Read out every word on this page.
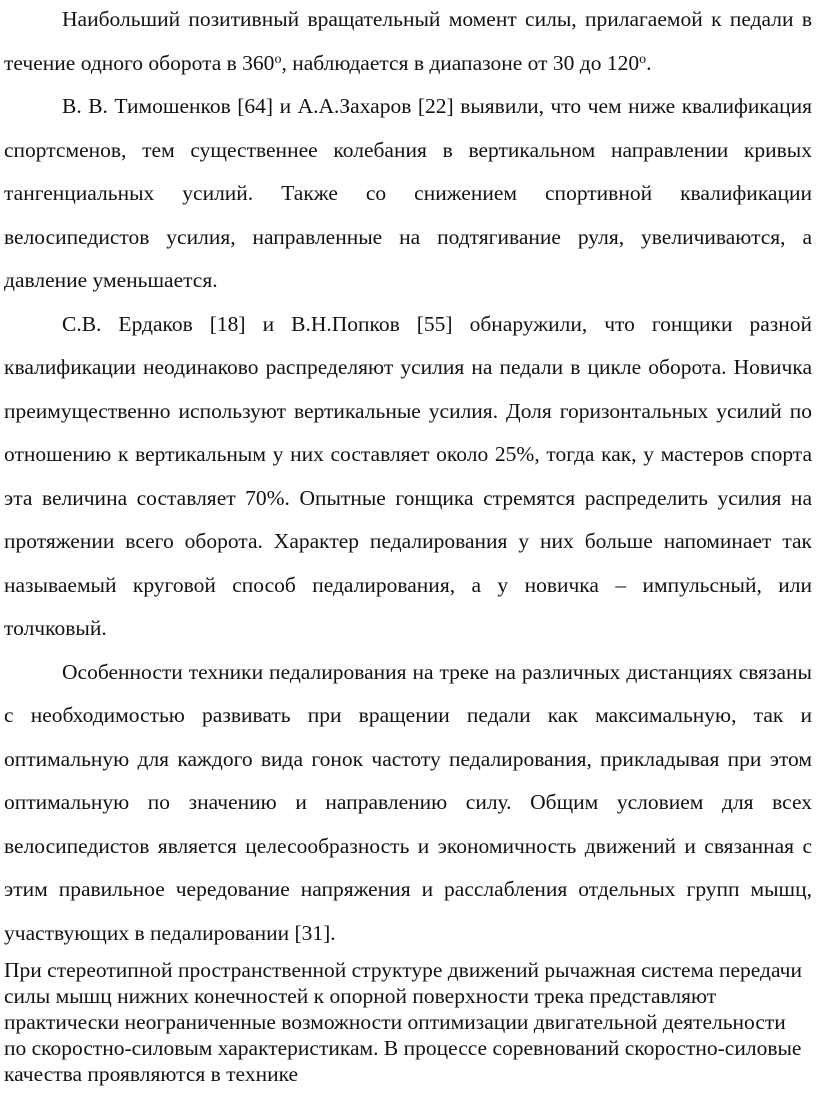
Наибольший позитивный вращательный момент силы, прилагаемой к педали в течение одного оборота в $360^о$, наблюдается в диапазоне от 30 до $120^о$.

В. В. Тимошенков [64] и А.А.Захаров [22] выявили, что чем ниже квалификация спортсменов, тем существеннее колебания в вертикальном направлении кривых тангенциальных усилий. Также со снижением спортивной квалификации велосипедистов усилия, направленные на подтягивание руля, увеличиваются, а давление уменьшается.

С.В. Ердаков [18] и В.Н.Попков [55] обнаружили, что гонщики разной квалификации неодинаково распределяют усилия на педали в цикле оборота. Новичка преимущественно используют вертикальные усилия. Доля горизонтальных усилий по отношению к вертикальным у них составляет около 25%, тогда как, у мастеров спорта эта величина составляет 70%. Опытные гонщика стремятся распределить усилия на протяжении всего оборота. Характер педалирования у них больше напоминает так называемый круговой способ педалирования, а у новичка – импульсный, или толчковый.

Особенности техники педалирования на треке на различных дистанциях связаны с необходимостью развивать при вращении педали как максимальную, так и оптимальную для каждого вида гонок частоту педалирования, прикладывая при этом оптимальную по значению и направлению силу. Общим условием для всех велосипедистов является целесообразность и экономичность движений и связанная с этим правильное чередование напряжения и расслабления отдельных групп мышц, участвующих в педалировании [31].

При стереотипной пространственной структуре движений рычажная система передачи силы мышц нижних конечностей к опорной поверхности трека представляют практически неограниченные возможности оптимизации двигательной деятельности по скоростно-силовым характеристикам. В процессе соревнований скоростно-силовые качества проявляются в технике
